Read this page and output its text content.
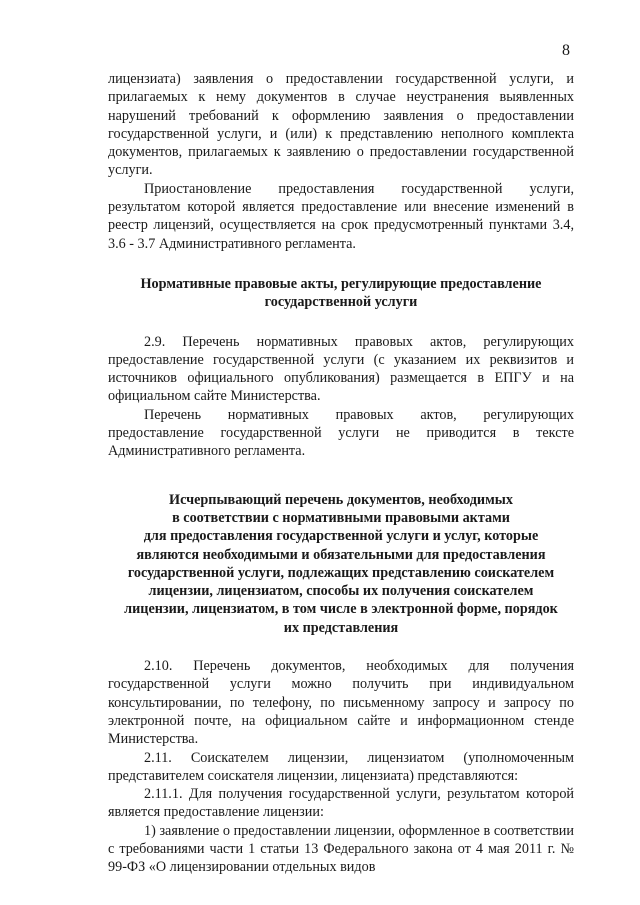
8

лицензиата) заявления о предоставлении государственной услуги, и прилагаемых к нему документов в случае неустранения выявленных нарушений требований к оформлению заявления о предоставлении государственной услуги, и (или) к представлению неполного комплекта документов, прилагаемых к заявлению о предоставлении государственной услуги.

Приостановление предоставления государственной услуги, результатом которой является предоставление или внесение изменений в реестр лицензий, осуществляется на срок предусмотренный пунктами 3.4, 3.6 - 3.7 Административного регламента.

Нормативные правовые акты, регулирующие предоставление
государственной услуги

2.9. Перечень нормативных правовых актов, регулирующих предоставление государственной услуги (с указанием их реквизитов и источников официального опубликования) размещается в ЕПГУ и на официальном сайте Министерства.

Перечень нормативных правовых актов, регулирующих предоставление государственной услуги не приводится в тексте Административного регламента.

Исчерпывающий перечень документов, необходимых
в соответствии с нормативными правовыми актами
для предоставления государственной услуги и услуг, которые
являются необходимыми и обязательными для предоставления
государственной услуги, подлежащих представлению соискателем
лицензии, лицензиатом, способы их получения соискателем
лицензии, лицензиатом, в том числе в электронной форме, порядок
их представления

2.10. Перечень документов, необходимых для получения государственной услуги можно получить при индивидуальном консультировании, по телефону, по письменному запросу и запросу по электронной почте, на официальном сайте и информационном стенде Министерства.

2.11. Соискателем лицензии, лицензиатом (уполномоченным представителем соискателя лицензии, лицензиата) представляются:

2.11.1. Для получения государственной услуги, результатом которой является предоставление лицензии:

1) заявление о предоставлении лицензии, оформленное в соответствии с требованиями части 1 статьи 13 Федерального закона от 4 мая 2011 г. № 99-ФЗ «О лицензировании отдельных видов
